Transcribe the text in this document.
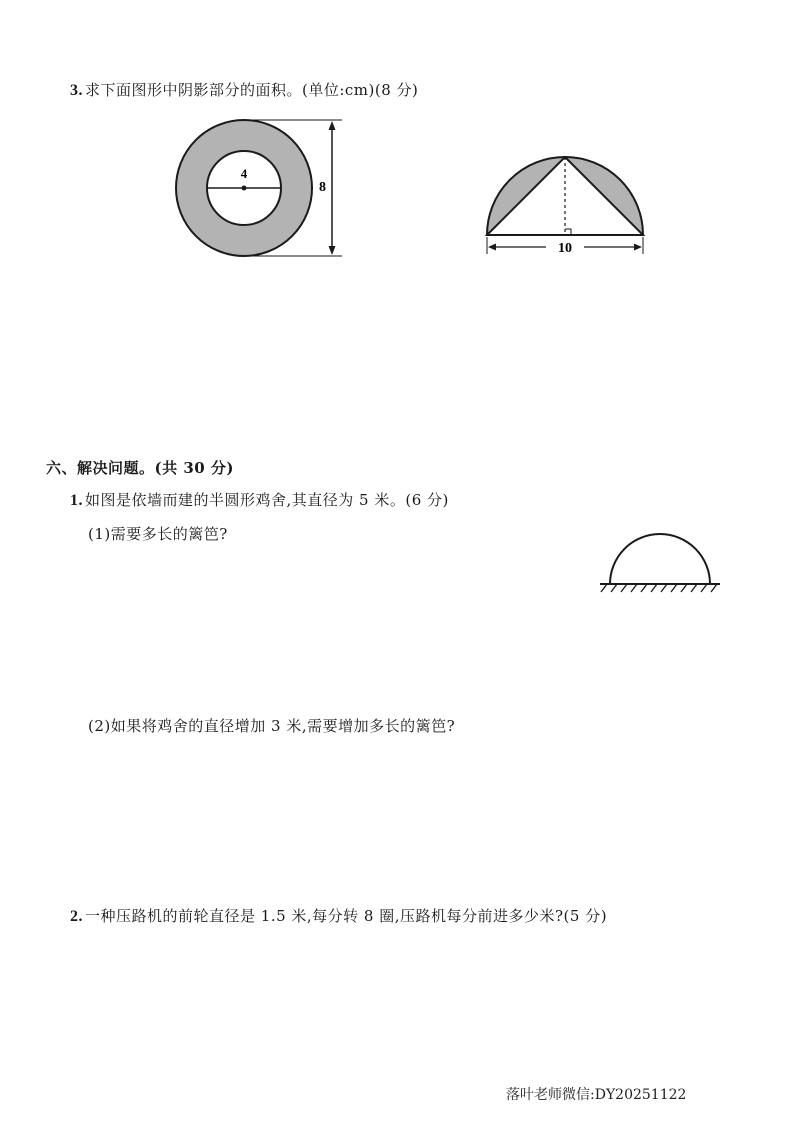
3. 求下面图形中阴影部分的面积。(单位:cm)(8 分)
4
8
10
六、解决问题。(共 30 分)
1. 如图是依墙而建的半圆形鸡舍,其直径为 5 米。(6 分)
(1)需要多长的篱笆?
(2)如果将鸡舍的直径增加 3 米,需要增加多长的篱笆?
2. 一种压路机的前轮直径是 1.5 米,每分转 8 圈,压路机每分前进多少米?(5 分)
落叶老师微信:DY20251122
